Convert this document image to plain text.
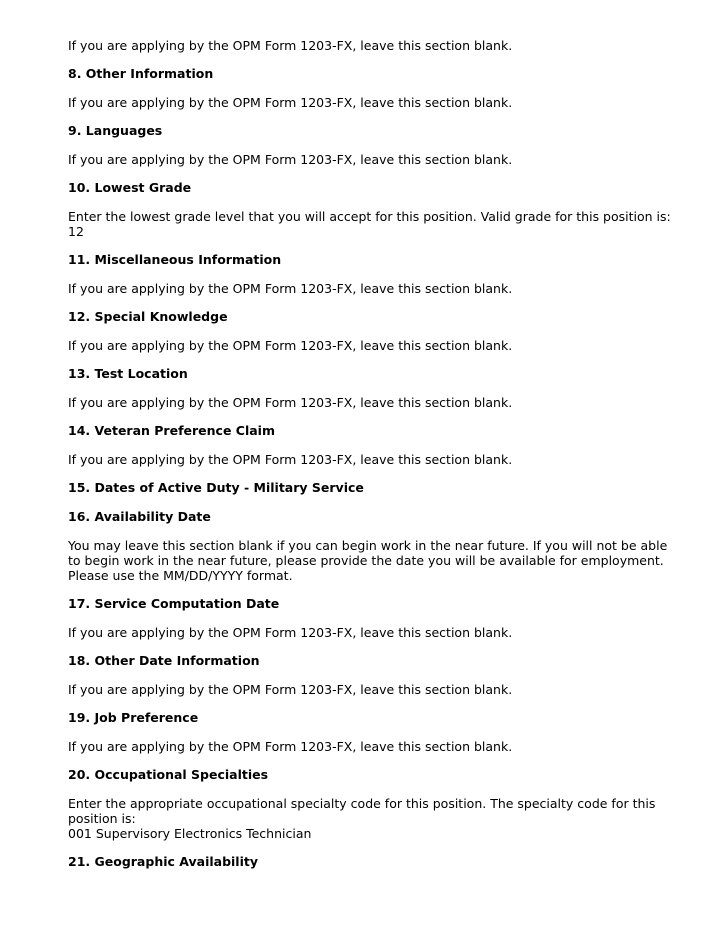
If you are applying by the OPM Form 1203-FX, leave this section blank.

8. Other Information

If you are applying by the OPM Form 1203-FX, leave this section blank.

9. Languages

If you are applying by the OPM Form 1203-FX, leave this section blank.

10. Lowest Grade

Enter the lowest grade level that you will accept for this position. Valid grade for this position is:
12

11. Miscellaneous Information

If you are applying by the OPM Form 1203-FX, leave this section blank.

12. Special Knowledge

If you are applying by the OPM Form 1203-FX, leave this section blank.

13. Test Location

If you are applying by the OPM Form 1203-FX, leave this section blank.

14. Veteran Preference Claim

If you are applying by the OPM Form 1203-FX, leave this section blank.

15. Dates of Active Duty - Military Service

16. Availability Date

You may leave this section blank if you can begin work in the near future. If you will not be able
to begin work in the near future, please provide the date you will be available for employment.
Please use the MM/DD/YYYY format.

17. Service Computation Date

If you are applying by the OPM Form 1203-FX, leave this section blank.

18. Other Date Information

If you are applying by the OPM Form 1203-FX, leave this section blank.

19. Job Preference

If you are applying by the OPM Form 1203-FX, leave this section blank.

20. Occupational Specialties

Enter the appropriate occupational specialty code for this position. The specialty code for this
position is:
001 Supervisory Electronics Technician

21. Geographic Availability
